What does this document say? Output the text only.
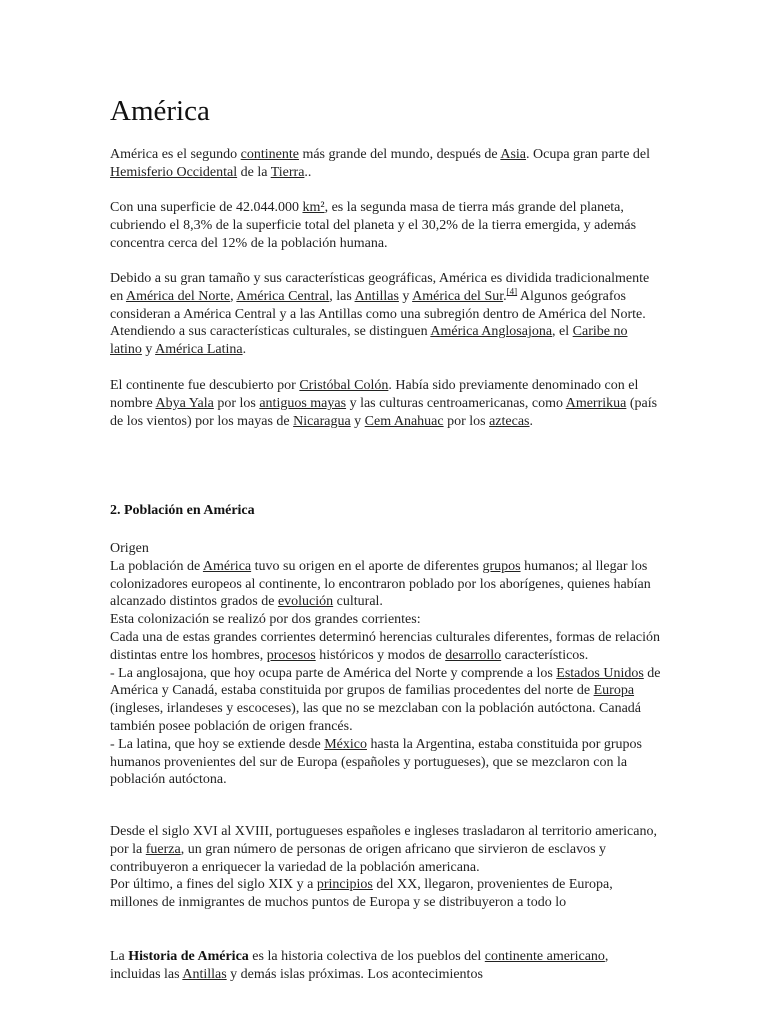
América

América es el segundo continente más grande del mundo, después de Asia. Ocupa gran parte del Hemisferio Occidental de la Tierra..

Con una superficie de 42.044.000 km², es la segunda masa de tierra más grande del planeta, cubriendo el 8,3% de la superficie total del planeta y el 30,2% de la tierra emergida, y además concentra cerca del 12% de la población humana.

Debido a su gran tamaño y sus características geográficas, América es dividida tradicionalmente en América del Norte, América Central, las Antillas y América del Sur.[4] Algunos geógrafos consideran a América Central y a las Antillas como una subregión dentro de América del Norte. Atendiendo a sus características culturales, se distinguen América Anglosajona, el Caribe no latino y América Latina.

El continente fue descubierto por Cristóbal Colón. Había sido previamente denominado con el nombre Abya Yala por los antiguos mayas y las culturas centroamericanas, como Amerrikua (país de los vientos) por los mayas de Nicaragua y Cem Anahuac por los aztecas.

2. Población en América

Origen
La población de América tuvo su origen en el aporte de diferentes grupos humanos; al llegar los colonizadores europeos al continente, lo encontraron poblado por los aborígenes, quienes habían alcanzado distintos grados de evolución cultural.
Esta colonización se realizó por dos grandes corrientes:
Cada una de estas grandes corrientes determinó herencias culturales diferentes, formas de relación distintas entre los hombres, procesos históricos y modos de desarrollo característicos.
- La anglosajona, que hoy ocupa parte de América del Norte y comprende a los Estados Unidos de América y Canadá, estaba constituida por grupos de familias procedentes del norte de Europa (ingleses, irlandeses y escoceses), las que no se mezclaban con la población autóctona. Canadá también posee población de origen francés.
- La latina, que hoy se extiende desde México hasta la Argentina, estaba constituida por grupos humanos provenientes del sur de Europa (españoles y portugueses), que se mezclaron con la población autóctona.

Desde el siglo XVI al XVIII, portugueses españoles e ingleses trasladaron al territorio americano, por la fuerza, un gran número de personas de origen africano que sirvieron de esclavos y contribuyeron a enriquecer la variedad de la población americana.
Por último, a fines del siglo XIX y a principios del XX, llegaron, provenientes de Europa, millones de inmigrantes de muchos puntos de Europa y se distribuyeron a todo lo

La Historia de América es la historia colectiva de los pueblos del continente americano, incluidas las Antillas y demás islas próximas. Los acontecimientos
